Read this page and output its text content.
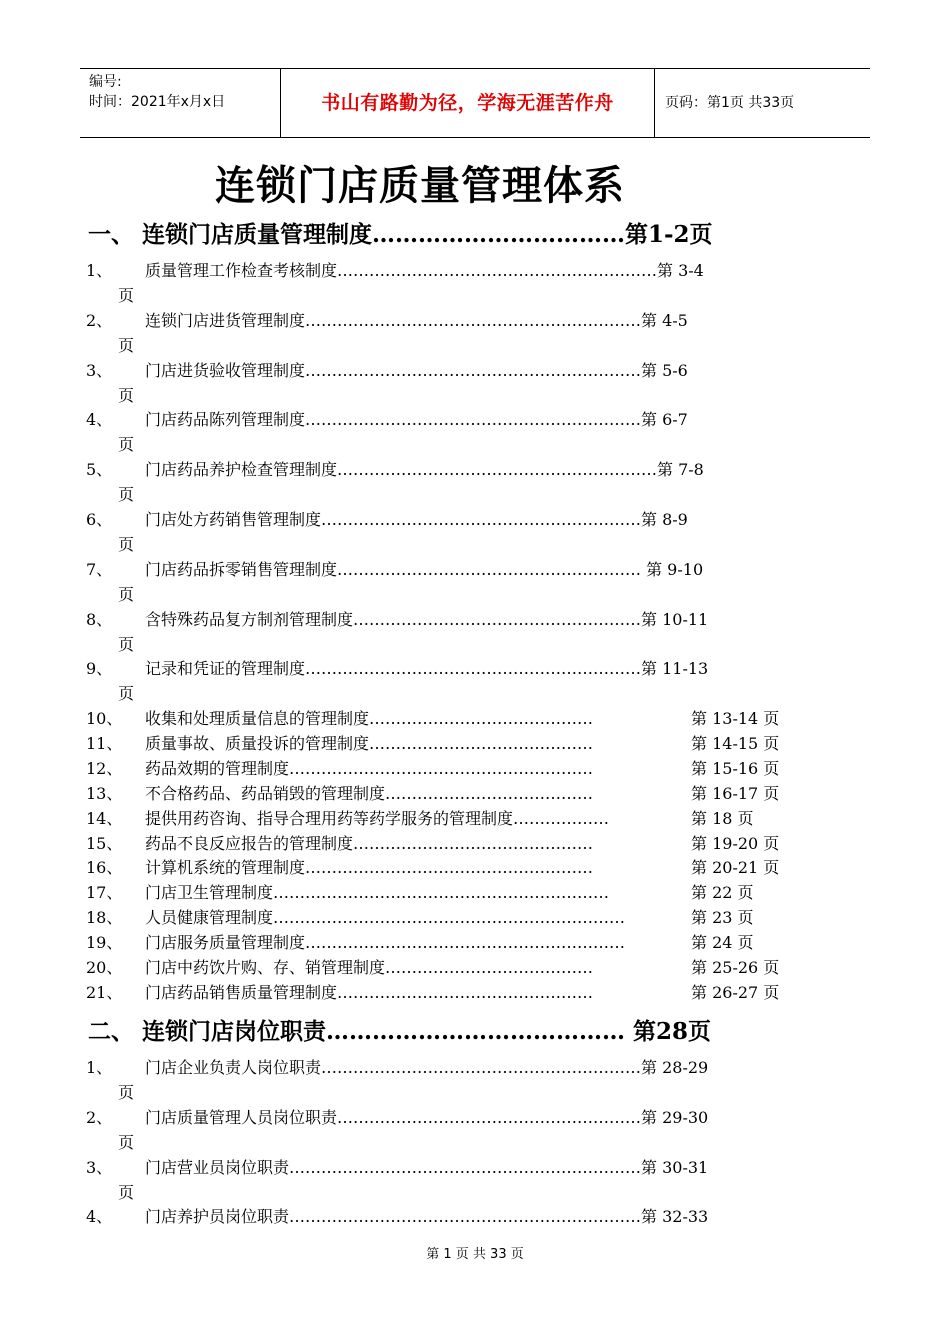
编号:
时间：2021年x月x日	书山有路勤为径，学海无涯苦作舟	页码：第1页 共33页
连锁门店质量管理体系
一、 连锁门店质量管理制度……………………………第1-2页
1、 质量管理工作检查考核制度……………………………………………………第 3-4
页
2、 连锁门店进货管理制度………………………………………………………第 4-5
页
3、 门店进货验收管理制度………………………………………………………第 5-6
页
4、 门店药品陈列管理制度………………………………………………………第 6-7
页
5、 门店药品养护检查管理制度……………………………………………………第 7-8
页
6、 门店处方药销售管理制度……………………………………………………第 8-9
页
7、 门店药品拆零销售管理制度………………………………………………… 第 9-10
页
8、 含特殊药品复方制剂管理制度………………………………………………第 10-11
页
9、 记录和凭证的管理制度………………………………………………………第 11-13
页
10、 收集和处理质量信息的管理制度……………………………………	第 13-14 页
11、 质量事故、质量投诉的管理制度……………………………………	第 14-15 页
12、 药品效期的管理制度…………………………………………………	第 15-16 页
13、 不合格药品、药品销毁的管理制度…………………………………	第 16-17 页
14、 提供用药咨询、指导合理用药等药学服务的管理制度………………	第 18 页
15、 药品不良反应报告的管理制度………………………………………	第 19-20 页
16、 计算机系统的管理制度………………………………………………	第 20-21 页
17、 门店卫生管理制度………………………………………………………	第 22 页
18、 人员健康管理制度…………………………………………………………	第 23 页
19、 门店服务质量管理制度……………………………………………………	第 24 页
20、 门店中药饮片购、存、销管理制度…………………………………	第 25-26 页
21、 门店药品销售质量管理制度…………………………………………	第 26-27 页
二、 连锁门店岗位职责………………………………… 第28页
1、 门店企业负责人岗位职责……………………………………………………第 28-29
页
2、 门店质量管理人员岗位职责…………………………………………………第 29-30
页
3、 门店营业员岗位职责…………………………………………………………第 30-31
页
4、 门店养护员岗位职责…………………………………………………………第 32-33
第 1 页 共 33 页
